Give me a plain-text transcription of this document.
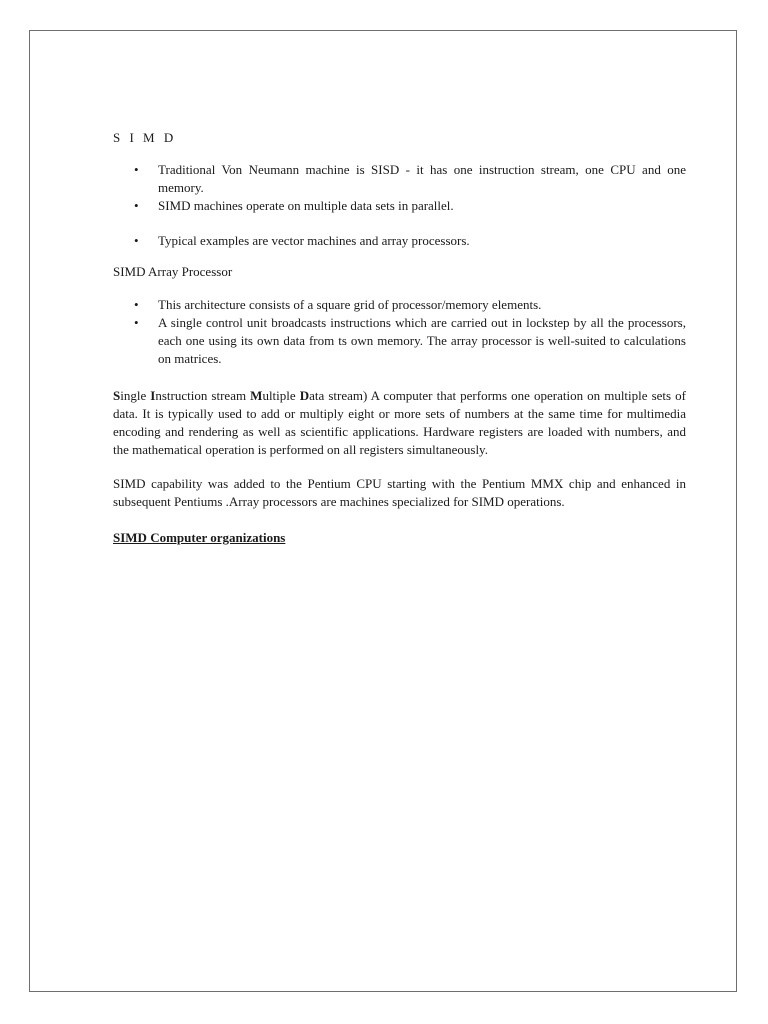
S I M D
• Traditional Von Neumann machine is SISD - it has one instruction stream, one CPU and one memory.
• SIMD machines operate on multiple data sets in parallel.
• Typical examples are vector machines and array processors.
SIMD Array Processor
• This architecture consists of a square grid of processor/memory elements.
• A single control unit broadcasts instructions which are carried out in lockstep by all the processors, each one using its own data from ts own memory. The array processor is well-suited to calculations on matrices.

Single Instruction stream Multiple Data stream) A computer that performs one operation on multiple sets of data. It is typically used to add or multiply eight or more sets of numbers at the same time for multimedia encoding and rendering as well as scientific applications. Hardware registers are loaded with numbers, and the mathematical operation is performed on all registers simultaneously.

SIMD capability was added to the Pentium CPU starting with the Pentium MMX chip and enhanced in subsequent Pentiums .Array processors are machines specialized for SIMD operations.

SIMD Computer organizations
